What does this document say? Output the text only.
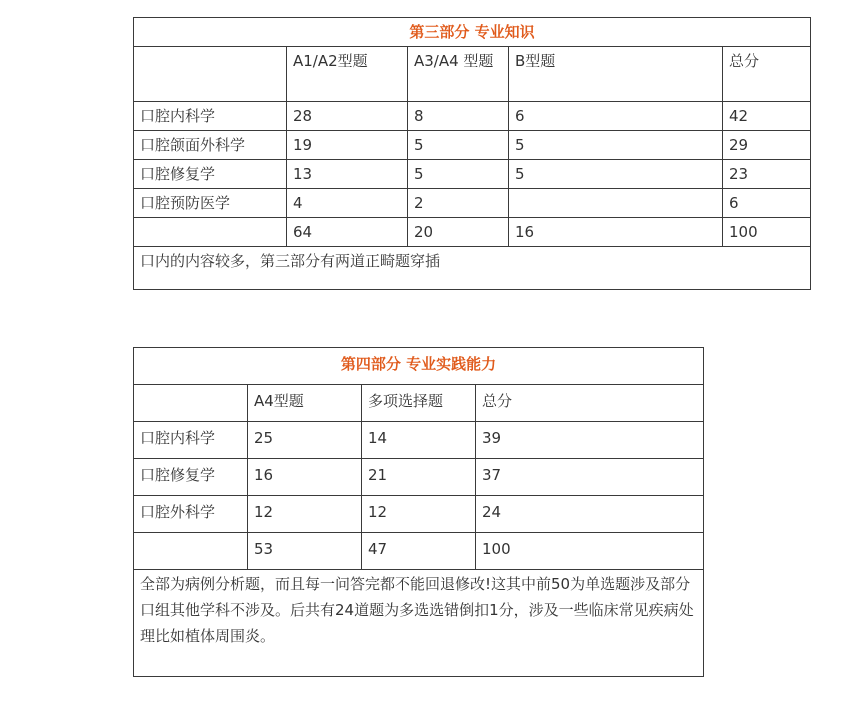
第三部分 专业知识				
	A1/A2型题	A3/A4 型题	B型题	总分
口腔内科学	28	8	6	42
口腔颌面外科学	19	5	5	29
口腔修复学	13	5	5	23
口腔预防医学	4	2		6
	64	20	16	100
口内的内容较多，第三部分有两道正畸题穿插				
第四部分 专业实践能力			
	A4型题	多项选择题	总分
口腔内科学	25	14	39
口腔修复学	16	21	37
口腔外科学	12	12	24
	53	47	100
全部为病例分析题，而且每一问答完都不能回退修改!这其中前50为单选题涉及部分口组其他学科不涉及。后共有24道题为多选选错倒扣1分，涉及一些临床常见疾病处理比如植体周围炎。			
